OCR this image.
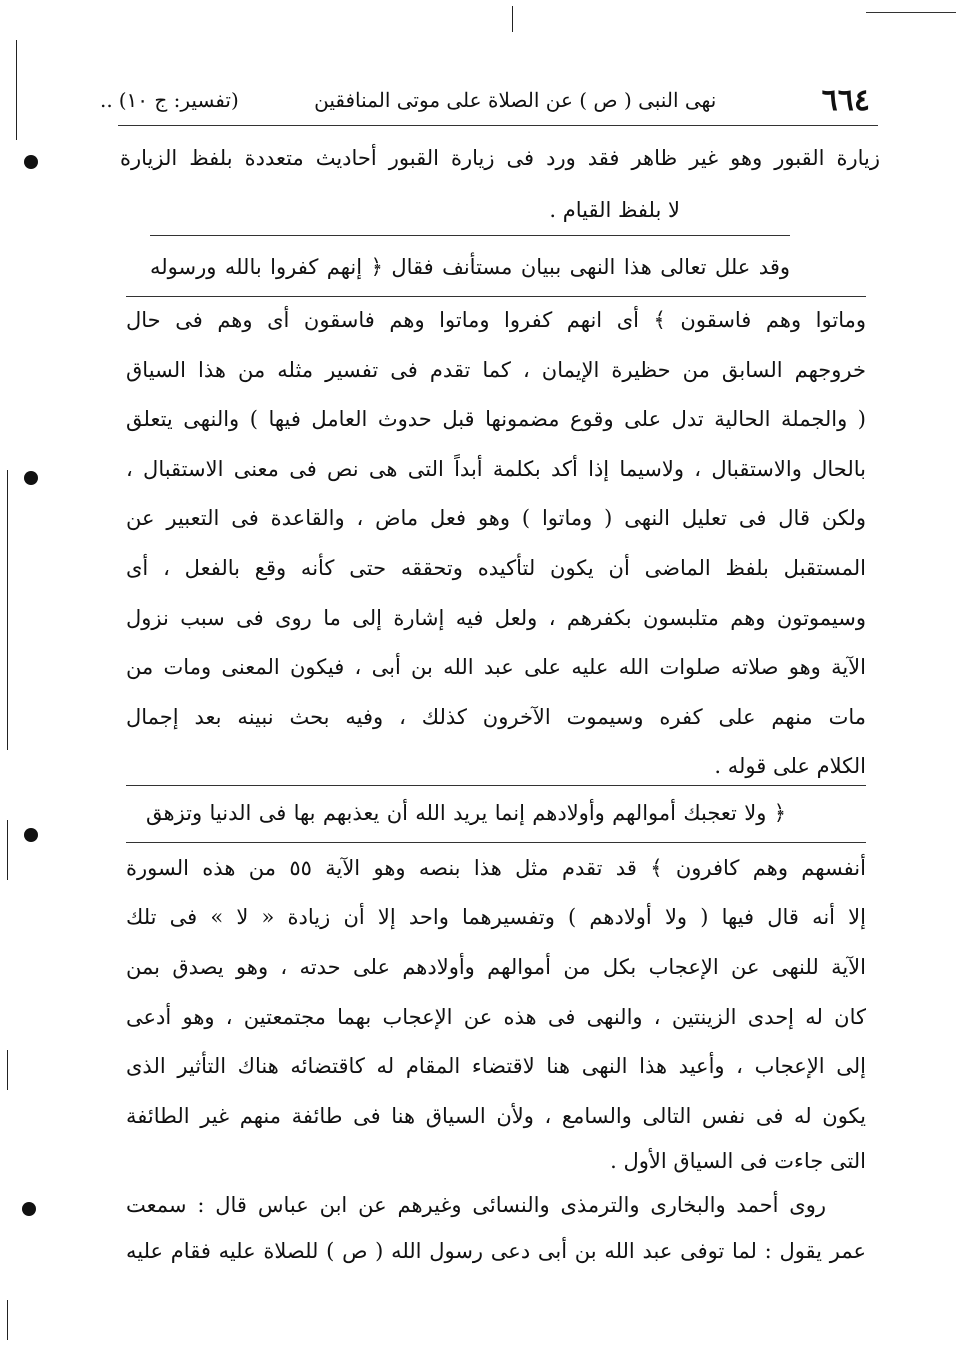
٦٦٤
نهى النبى ( ص ) عن الصلاة على موتى المنافقين
(تفسير: ج ١٠)
..
زيارة القبور وهو غير ظاهر فقد ورد فى زيارة القبور أحاديث متعددة بلفظ الزيارة
لا بلفظ القيام .
وقد علل تعالى هذا النهى ببيان مستأنف فقال ﴿ إنهم كفروا بالله ورسوله
وماتوا وهم فاسقون ﴾ أى انهم كفروا وماتوا وهم فاسقون أى وهم فى حال
خروجهم السابق من حظيرة الإيمان ، كما تقدم فى تفسير مثله من هذا السياق
( والجملة الحالية تدل على وقوع مضمونها قبل حدوث العامل فيها ) والنهى يتعلق
بالحال والاستقبال ، ولاسيما إذا أكد بكلمة أبداً التى هى نص فى معنى الاستقبال ،
ولكن قال فى تعليل النهى ( وماتوا ) وهو فعل ماض ، والقاعدة فى التعبير عن
المستقبل بلفظ الماضى أن يكون لتأكيده وتحققه حتى كأنه وقع بالفعل ، أى
وسيموتون وهم متلبسون بكفرهم ، ولعل فيه إشارة إلى ما روى فى سبب نزول
الآية وهو صلاته صلوات الله عليه على عبد الله بن أبى ، فيكون المعنى ومات من
مات منهم على كفره وسيموت الآخرون كذلك ، وفيه بحث نبينه بعد إجمال
الكلام على قوله .
﴿ ولا تعجبك أموالهم وأولادهم إنما يريد الله أن يعذبهم بها فى الدنيا وتزهق
أنفسهم وهم كافرون ﴾ قد تقدم مثل هذا بنصه وهو الآية ٥٥ من هذه السورة
إلا أنه قال فيها ( ولا أولادهم ) وتفسيرهما واحد إلا أن زيادة « لا » فى تلك
الآية للنهى عن الإعجاب بكل من أموالهم وأولادهم على حدته ، وهو يصدق بمن
كان له إحدى الزينتين ، والنهى فى هذه عن الإعجاب بهما مجتمعتين ، وهو أدعى
إلى الإعجاب ، وأعيد هذا النهى هنا لاقتضاء المقام له كاقتضائه هناك التأثير الذى
يكون له فى نفس التالى والسامع ، ولأن السياق هنا فى طائفة منهم غير الطائفة
التى جاءت فى السياق الأول .
روى أحمد والبخارى والترمذى والنسائى وغيرهم عن ابن عباس قال : سمعت
عمر يقول : لما توفى عبد الله بن أبى دعى رسول الله ( ص ) للصلاة عليه فقام عليه
